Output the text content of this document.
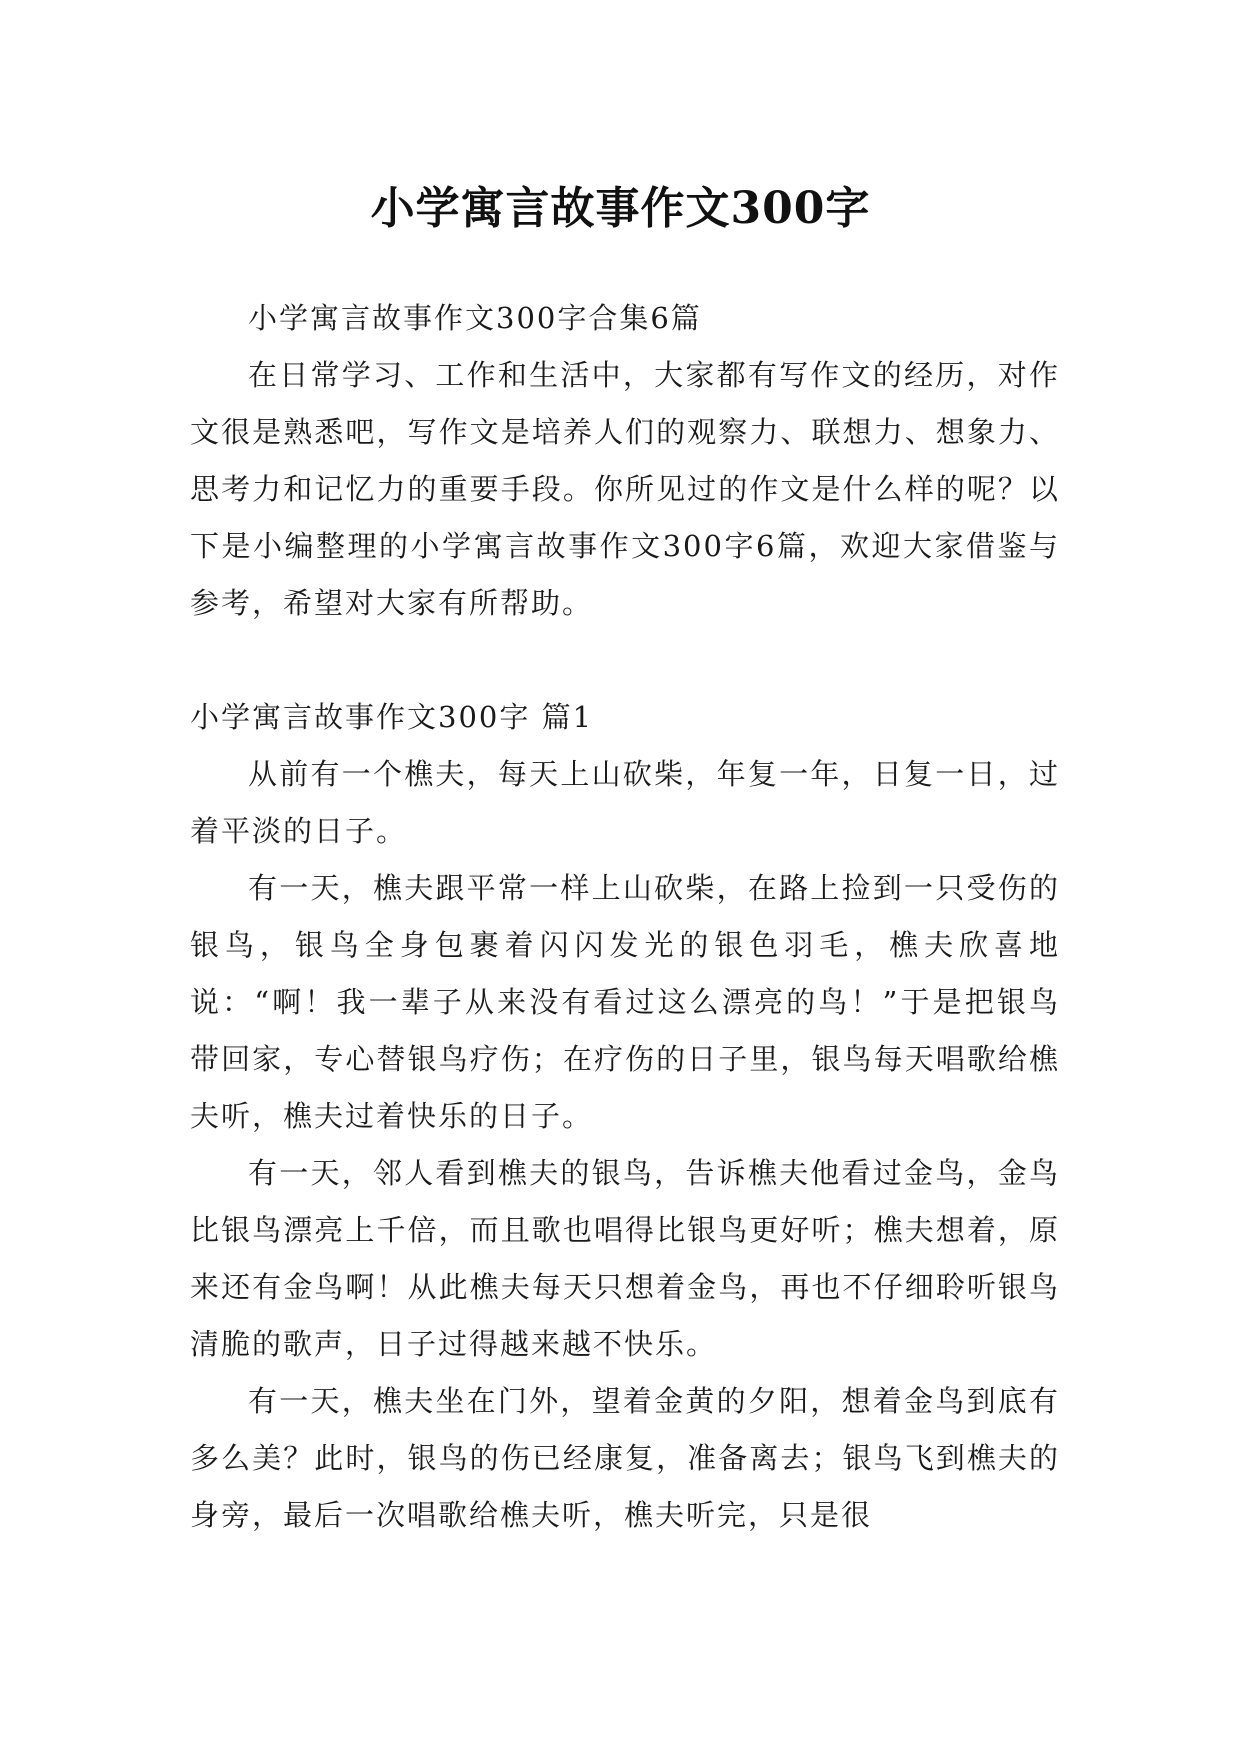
小学寓言故事作文300字

小学寓言故事作文300字合集6篇

在日常学习、工作和生活中，大家都有写作文的经历，对作文很是熟悉吧，写作文是培养人们的观察力、联想力、想象力、思考力和记忆力的重要手段。你所见过的作文是什么样的呢？以下是小编整理的小学寓言故事作文300字6篇，欢迎大家借鉴与参考，希望对大家有所帮助。

小学寓言故事作文300字 篇1

从前有一个樵夫，每天上山砍柴，年复一年，日复一日，过着平淡的日子。

有一天，樵夫跟平常一样上山砍柴，在路上捡到一只受伤的银鸟，银鸟全身包裹着闪闪发光的银色羽毛，樵夫欣喜地说：“啊！我一辈子从来没有看过这么漂亮的鸟！”于是把银鸟带回家，专心替银鸟疗伤；在疗伤的日子里，银鸟每天唱歌给樵夫听，樵夫过着快乐的日子。

有一天，邻人看到樵夫的银鸟，告诉樵夫他看过金鸟，金鸟比银鸟漂亮上千倍，而且歌也唱得比银鸟更好听；樵夫想着，原来还有金鸟啊！从此樵夫每天只想着金鸟，再也不仔细聆听银鸟清脆的歌声，日子过得越来越不快乐。

有一天，樵夫坐在门外，望着金黄的夕阳，想着金鸟到底有多么美？此时，银鸟的伤已经康复，准备离去；银鸟飞到樵夫的身旁，最后一次唱歌给樵夫听，樵夫听完，只是很
